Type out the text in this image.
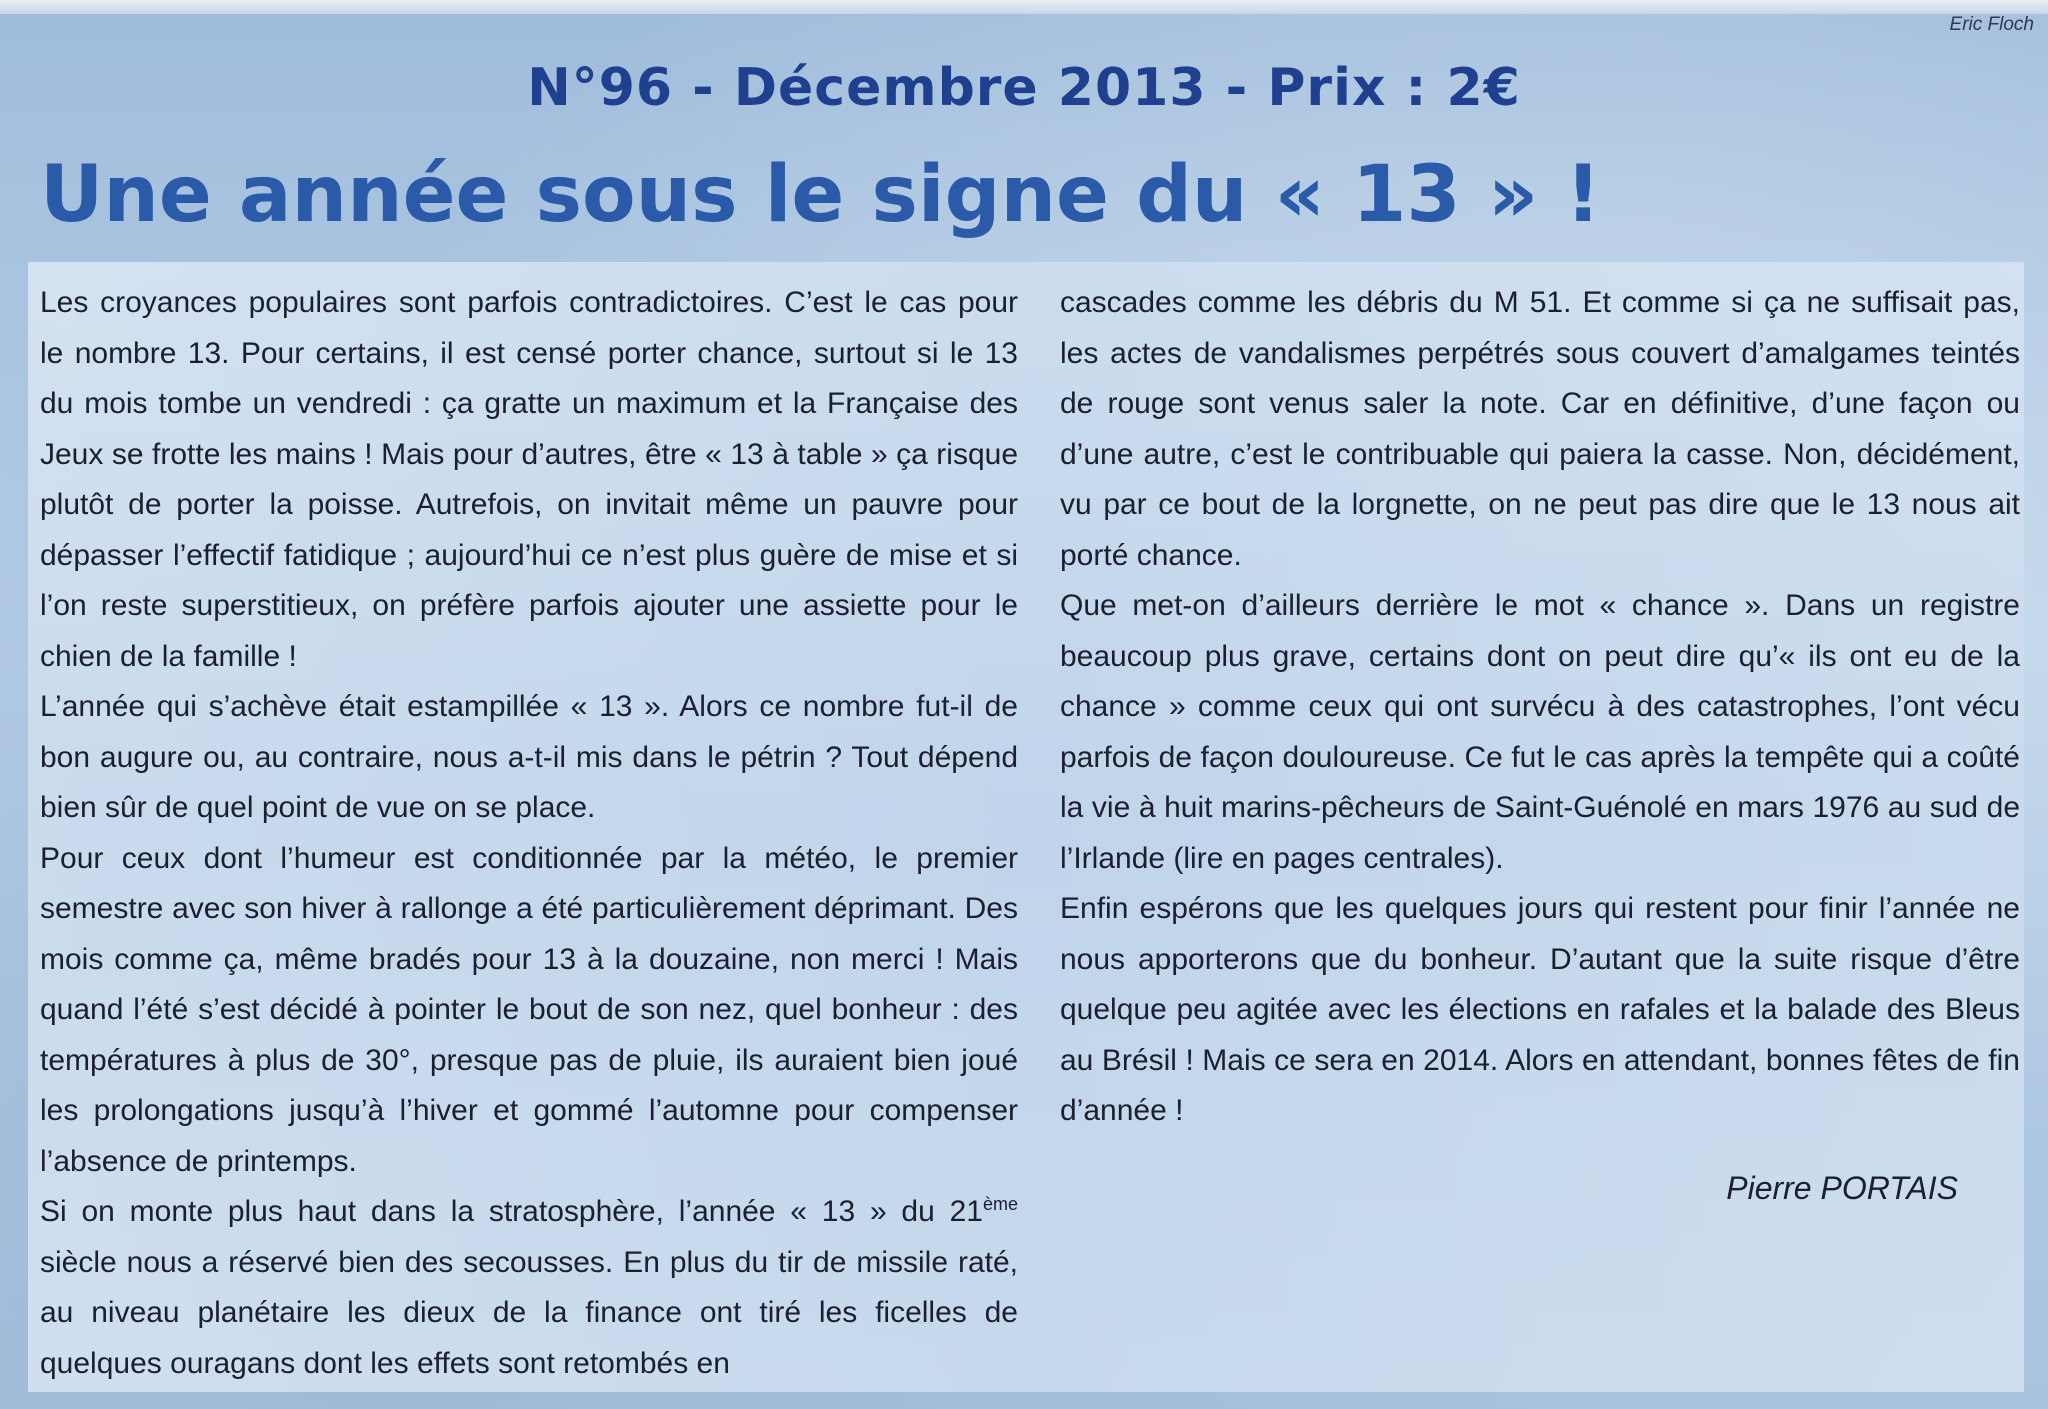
Eric Floch
N°96 - Décembre 2013 - Prix : 2€
Une année sous le signe du « 13 » !

Les croyances populaires sont parfois contradictoires. C’est le cas pour le nombre 13. Pour certains, il est censé porter chance, surtout si le 13 du mois tombe un vendredi : ça gratte un maximum et la Française des Jeux se frotte les mains ! Mais pour d’autres, être « 13 à table » ça risque plutôt de porter la poisse. Autrefois, on invitait même un pauvre pour dépasser l’effectif fatidique ; aujourd’hui ce n’est plus guère de mise et si l’on reste superstitieux, on préfère parfois ajouter une assiette pour le chien de la famille !

L’année qui s’achève était estampillée « 13 ». Alors ce nombre fut-il de bon augure ou, au contraire, nous a-t-il mis dans le pétrin ? Tout dépend bien sûr de quel point de vue on se place.

Pour ceux dont l’humeur est conditionnée par la météo, le premier semestre avec son hiver à rallonge a été particulièrement déprimant. Des mois comme ça, même bradés pour 13 à la douzaine, non merci ! Mais quand l’été s’est décidé à pointer le bout de son nez, quel bonheur : des températures à plus de 30°, presque pas de pluie, ils auraient bien joué les prolongations jusqu’à l’hiver et gommé l’automne pour compenser l’absence de printemps.

Si on monte plus haut dans la stratosphère, l’année « 13 » du 21ème siècle nous a réservé bien des secousses. En plus du tir de missile raté, au niveau planétaire les dieux de la finance ont tiré les ficelles de quelques ouragans dont les effets sont retombés en

cascades comme les débris du M 51. Et comme si ça ne suffisait pas, les actes de vandalismes perpétrés sous couvert d’amalgames teintés de rouge sont venus saler la note. Car en définitive, d’une façon ou d’une autre, c’est le contribuable qui paiera la casse. Non, décidément, vu par ce bout de la lorgnette, on ne peut pas dire que le 13 nous ait porté chance.

Que met-on d’ailleurs derrière le mot « chance ». Dans un registre beaucoup plus grave, certains dont on peut dire qu’« ils ont eu de la chance » comme ceux qui ont survécu à des catastrophes, l’ont vécu parfois de façon douloureuse. Ce fut le cas après la tempête qui a coûté la vie à huit marins-pêcheurs de Saint-Guénolé en mars 1976 au sud de l’Irlande (lire en pages centrales).

Enfin espérons que les quelques jours qui restent pour finir l’année ne nous apporterons que du bonheur. D’autant que la suite risque d’être quelque peu agitée avec les élections en rafales et la balade des Bleus au Brésil ! Mais ce sera en 2014. Alors en attendant, bonnes fêtes de fin d’année !

Pierre PORTAIS
